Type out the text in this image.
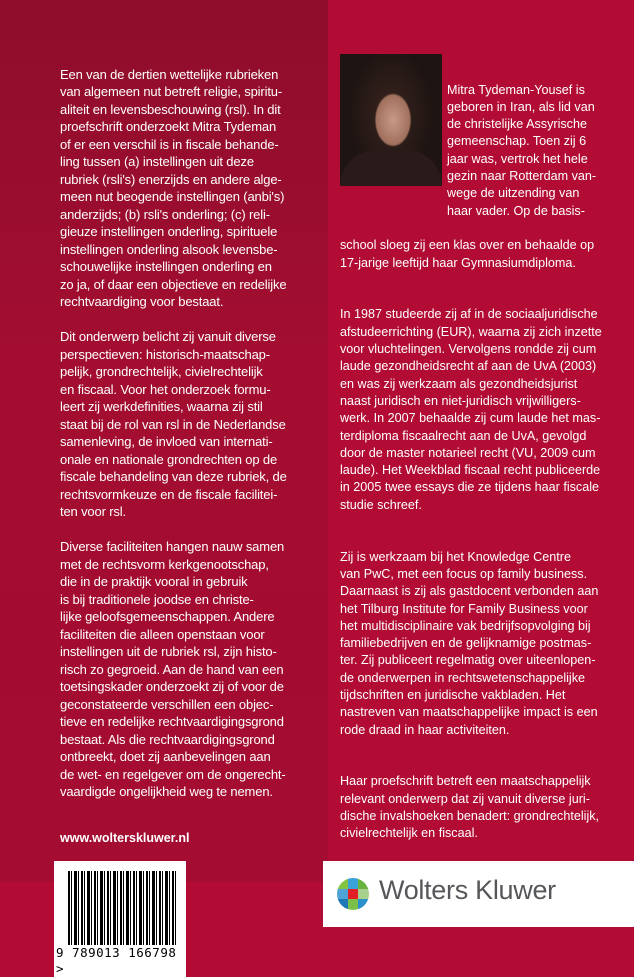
Een van de dertien wettelijke rubrieken
van algemeen nut betreft religie, spiritu-
aliteit en levensbeschouwing (rsl). In dit
proefschrift onderzoekt Mitra Tydeman
of er een verschil is in fiscale behande-
ling tussen (a) instellingen uit deze
rubriek (rsli's) enerzijds en andere alge-
meen nut beogende instellingen (anbi's)
anderzijds; (b) rsli's onderling; (c) reli-
gieuze instellingen onderling, spirituele
instellingen onderling alsook levensbe-
schouwelijke instellingen onderling en
zo ja, of daar een objectieve en redelijke
rechtvaardiging voor bestaat.

Dit onderwerp belicht zij vanuit diverse
perspectieven: historisch-maatschap-
pelijk, grondrechtelijk, civielrechtelijk
en fiscaal. Voor het onderzoek formu-
leert zij werkdefinities, waarna zij stil
staat bij de rol van rsl in de Nederlandse
samenleving, de invloed van internati-
onale en nationale grondrechten op de
fiscale behandeling van deze rubriek, de
rechtsvormkeuze en de fiscale facilitei-
ten voor rsl.

Diverse faciliteiten hangen nauw samen
met de rechtsvorm kerkgenootschap,
die in de praktijk vooral in gebruik
is bij traditionele joodse en christe-
lijke geloofsgemeenschappen. Andere
faciliteiten die alleen openstaan voor
instellingen uit de rubriek rsl, zijn histo-
risch zo gegroeid. Aan de hand van een
toetsingskader onderzoekt zij of voor de
geconstateerde verschillen een objec-
tieve en redelijke rechtvaardigingsgrond
bestaat. Als die rechtvaardigingsgrond
ontbreekt, doet zij aanbevelingen aan
de wet- en regelgever om de ongerecht-
vaardigde ongelijkheid weg te nemen.

www.wolterskluwer.nl
9 789013 166798 >

Mitra Tydeman-Yousef is
geboren in Iran, als lid van
de christelijke Assyrische
gemeenschap. Toen zij 6
jaar was, vertrok het hele
gezin naar Rotterdam van-
wege de uitzending van
haar vader. Op de basis-

school sloeg zij een klas over en behaalde op
17-jarige leeftijd haar Gymnasiumdiploma.

In 1987 studeerde zij af in de sociaaljuridische
afstudeerrichting (EUR), waarna zij zich inzette
voor vluchtelingen. Vervolgens rondde zij cum
laude gezondheidsrecht af aan de UvA (2003)
en was zij werkzaam als gezondheidsjurist
naast juridisch en niet-juridisch vrijwilligers-
werk. In 2007 behaalde zij cum laude het mas-
terdiploma fiscaalrecht aan de UvA, gevolgd
door de master notarieel recht (VU, 2009 cum
laude). Het Weekblad fiscaal recht publiceerde
in 2005 twee essays die ze tijdens haar fiscale
studie schreef.

Zij is werkzaam bij het Knowledge Centre
van PwC, met een focus op family business.
Daarnaast is zij als gastdocent verbonden aan
het Tilburg Institute for Family Business voor
het multidisciplinaire vak bedrijfsopvolging bij
familiebedrijven en de gelijknamige postmas-
ter. Zij publiceert regelmatig over uiteenlopen-
de onderwerpen in rechtswetenschappelijke
tijdschriften en juridische vakbladen. Het
nastreven van maatschappelijke impact is een
rode draad in haar activiteiten.

Haar proefschrift betreft een maatschappelijk
relevant onderwerp dat zij vanuit diverse juri-
dische invalshoeken benadert: grondrechtelijk,
civielrechtelijk en fiscaal.

Wolters Kluwer
